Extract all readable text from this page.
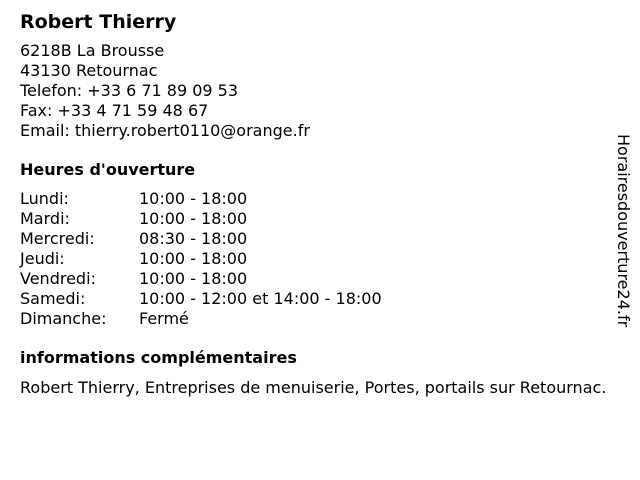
Robert Thierry
6218B La Brousse
43130 Retournac
Telefon: +33 6 71 89 09 53
Fax: +33 4 71 59 48 67
Email: thierry.robert0110@orange.fr
Heures d'ouverture
Lundi:	10:00 - 18:00
Mardi:	10:00 - 18:00
Mercredi:	08:30 - 18:00
Jeudi:	10:00 - 18:00
Vendredi:	10:00 - 18:00
Samedi:	10:00 - 12:00 et 14:00 - 18:00
Dimanche:	Fermé
informations complémentaires
Robert Thierry, Entreprises de menuiserie, Portes, portails sur Retournac.
Horairesdouverture24.fr
